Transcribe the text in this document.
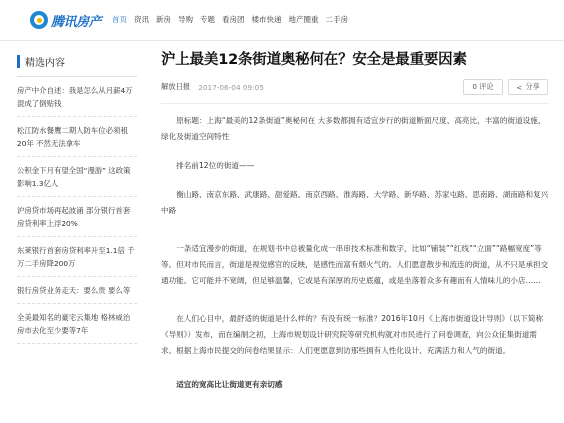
腾讯房产 首页 资讯 新房 导购 专题 看房团 楼市快递 地产圈重 二手房
精选内容
房产中介自述：我是怎么从月薪4万混成了倒贴钱
松江防水餐鹰二期人防车位必须租20年 不然无法拿车
公积金下月有望全国“漫游” 这政策影响1.3亿人
沪房贷市场再起波涌 部分银行首套房贷利率上浮20%
东莱银行首套房贷利率升至1.1倍 千万二手房降200万
银行房贷业务走天：要么贵 要么等
全美最知名的豪宅云集地 格林威治房市去化至少要等7年
沪上最美12条街道奥秘何在？安全是最重要因素
解放日报 2017-06-04 09:05	0 评论	< 分享

  原标题：上海“最美的12条街道”奥秘何在 大多数都拥有适宜步行的街道断面尺度、高亮比，丰富的街道设施、绿化及街道空间特性

  排名前12位的街道——

  衡山路、南京东路、武康路、甜爱路、南京西路、淮海路、大学路、新华路、苏家屯路、思南路、湖南路和复兴中路

  一条适宜漫步的街道，在规划书中总被量化成一串串技术标准和数字，比如“铺装”“红线”“立面”“路幅宽度”等等。但对市民而言，街道是视觉感官的反映，是感性而富有烟火气的。人们愿意散步和流连的街道，从不只是承担交通功能。它可能并不宽阔，但足够温馨，它或是有深厚的历史底蕴，或是坐落着众多有趣而有人情味儿的小店……

  在人们心目中，最舒适的街道是什么样的？有没有统一标准？2016年10月《上海市街道设计导则》（以下简称《导则》）发布，而在编制之初，上海市规划设计研究院等研究机构就对市民进行了问卷调查，向公众征集街道需求。根据上海市民提交的问卷结果显示：人们更愿意到访那些拥有人性化设计、充满活力和人气的街道。

  适宜的宽高比让街道更有亲切感
